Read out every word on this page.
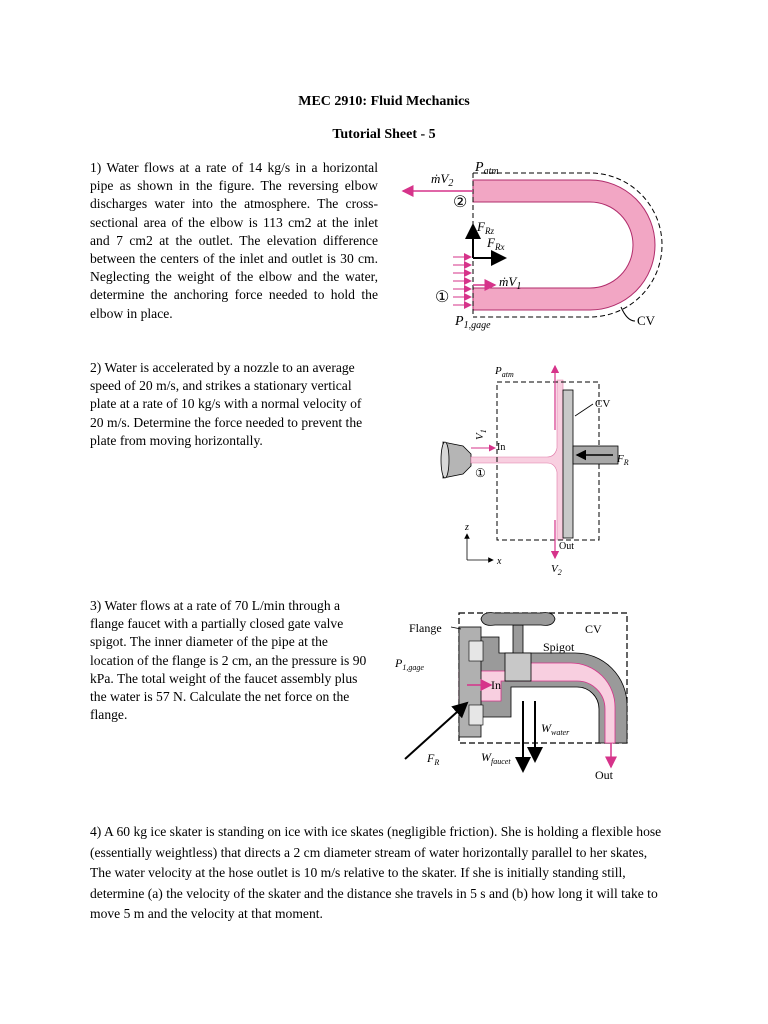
MEC 2910: Fluid Mechanics
Tutorial Sheet - 5

1) Water flows at a rate of 14 kg/s in a horizontal pipe as shown in the figure. The reversing elbow discharges water into the atmosphere. The cross-sectional area of the elbow is 113 cm2 at the inlet and 7 cm2 at the outlet. The elevation difference between the centers of the inlet and outlet is 30 cm. Neglecting the weight of the elbow and the water, determine the anchoring force needed to hold the elbow in place.

2) Water is accelerated by a nozzle to an average speed of 20 m/s, and strikes a stationary vertical plate at a rate of 10 kg/s with a normal velocity of 20 m/s. Determine the force needed to prevent the plate from moving horizontally.

3) Water flows at a rate of 70 L/min through a flange faucet with a partially closed gate valve spigot. The inner diameter of the pipe at the location of the flange is 2 cm, an the pressure is 90 kPa. The total weight of the faucet assembly plus the water is 57 N. Calculate the net force on the flange.

4) A 60 kg ice skater is standing on ice with ice skates (negligible friction). She is holding a flexible hose (essentially weightless) that directs a 2 cm diameter stream of water horizontally parallel to her skates, The water velocity at the hose outlet is 10 m/s relative to the skater. If she is initially standing still, determine (a) the velocity of the skater and the distance she travels in 5 s and (b) how long it will take to move 5 m and the velocity at that moment.

$P_{atm}$
ṁV$_2$
②
$F_{Rz}$
$F_{Rx}$
ṁV$_1$
①
$P_{1,gage}$	CV
$P_{atm}$
CV
$V_1$
In
①
$F_R$
Out
$V_2$
z
x
Flange	CV
Spigot
$P_{1,gage}$
In
$W_{water}$
$F_R$	$W_{faucet}$
Out
